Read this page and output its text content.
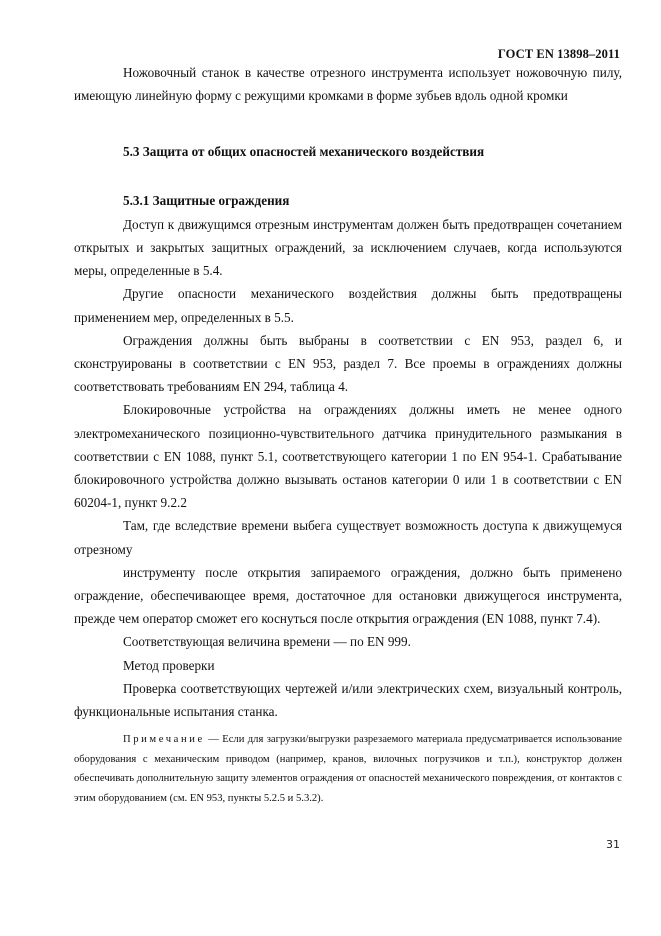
ГОСТ EN 13898–2011

Ножовочный станок в качестве отрезного инструмента использует ножовочную пилу, имеющую линейную форму с режущими кромками в форме зубьев вдоль одной кромки

5.3 Защита от общих опасностей механического воздействия

5.3.1 Защитные ограждения

Доступ к движущимся отрезным инструментам должен быть предотвращен сочетанием открытых и закрытых защитных ограждений, за исключением случаев, когда используются меры, определенные в 5.4.

Другие опасности механического воздействия должны быть предотвращены применением мер, определенных в 5.5.

Ограждения должны быть выбраны в соответствии с EN 953, раздел 6, и сконструированы в соответствии с EN 953, раздел 7. Все проемы в ограждениях должны соответствовать требованиям EN 294, таблица 4.

Блокировочные устройства на ограждениях должны иметь не менее одного электромеханического позиционно-чувствительного датчика принудительного размыкания в соответствии с EN 1088, пункт 5.1, соответствующего категории 1 по EN 954-1. Срабатывание блокировочного устройства должно вызывать останов категории 0 или 1 в соответствии с EN 60204-1, пункт 9.2.2

Там, где вследствие времени выбега существует возможность доступа к движущемуся отрезному

инструменту после открытия запираемого ограждения, должно быть применено ограждение, обеспечивающее время, достаточное для остановки движущегося инструмента, прежде чем оператор сможет его коснуться после открытия ограждения (EN 1088, пункт 7.4).

Соответствующая величина времени — по EN 999.

Метод проверки

Проверка соответствующих чертежей и/или электрических схем, визуальный контроль, функциональные испытания станка.

Примечание — Если для загрузки/выгрузки разрезаемого материала предусматривается использование оборудования с механическим приводом (например, кранов, вилочных погрузчиков и т.п.), конструктор должен обеспечивать дополнительную защиту элементов ограждения от опасностей механического повреждения, от контактов с этим оборудованием (см. EN 953, пункты 5.2.5 и 5.3.2).

31
